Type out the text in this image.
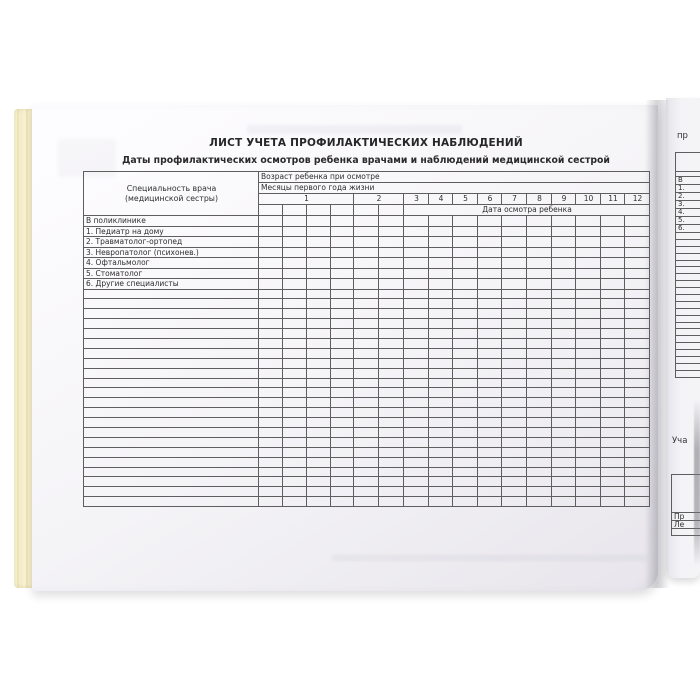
ЛИСТ УЧЕТА ПРОФИЛАКТИЧЕСКИХ НАБЛЮДЕНИЙ
Даты профилактических осмотров ребенка врачами и наблюдений медицинской сестрой
Специальность врача
(медицинской сестры)	Возраст ребенка при осмотре															
	Месяцы первого года жизни															
	1				2		3	4	5	6	7	8	9	10	11	12
							Дата осмотра ребенка									
В поликлинике																
1. Педиатр на дому																
2. Травматолог-ортопед																
3. Невропатолог (психонев.)																
4. Офтальмолог																
5. Стоматолог																
6. Другие специалисты																

пр

В
1.
2.
3.
4.
5.
6.

Уча

Пр
Ле
